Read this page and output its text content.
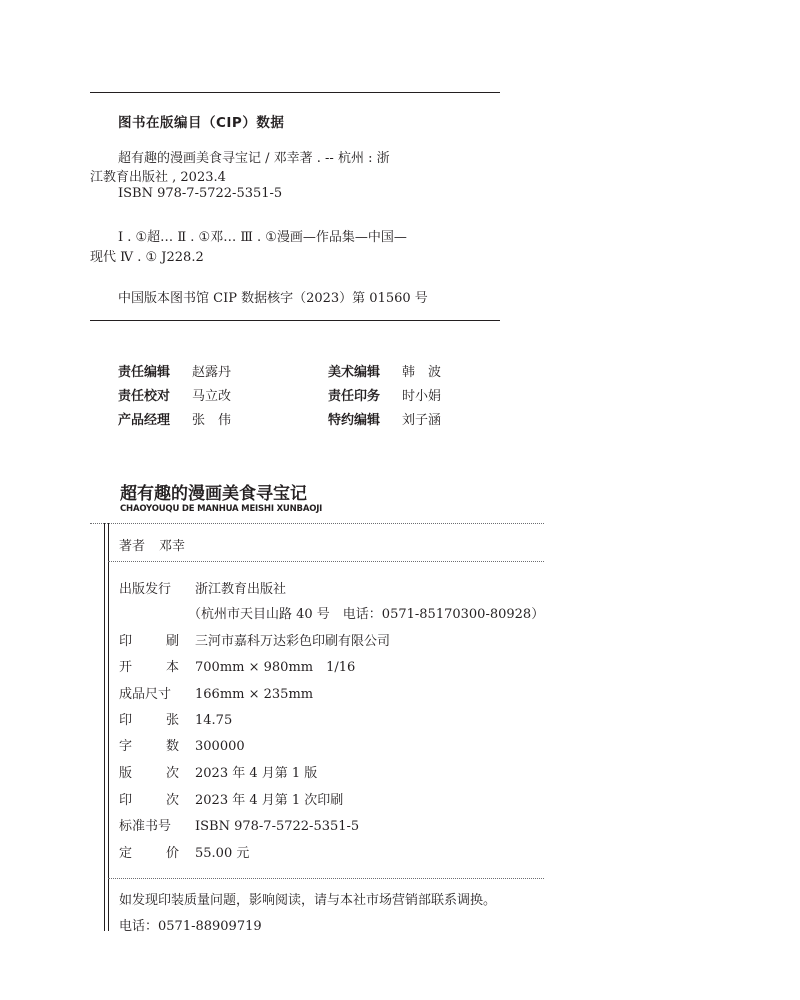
图书在版编目（CIP）数据
超有趣的漫画美食寻宝记 / 邓幸著 . -- 杭州 : 浙
江教育出版社 , 2023.4
ISBN 978-7-5722-5351-5
Ⅰ . ①超… Ⅱ . ①邓… Ⅲ . ①漫画—作品集—中国—
现代 Ⅳ . ① J228.2
中国版本图书馆 CIP 数据核字（2023）第 01560 号
责任编辑 赵露丹	美术编辑 韩　波
责任校对 马立改	责任印务 时小娟
产品经理 张　伟	特约编辑 刘子涵
超有趣的漫画美食寻宝记
CHAOYOUQU DE MANHUA MEISHI XUNBAOJI
著者 邓幸
出版发行 浙江教育出版社
（杭州市天目山路 40 号　电话：0571-85170300-80928）
印刷 三河市嘉科万达彩色印刷有限公司
开本 700mm × 980mm　1/16
成品尺寸 166mm × 235mm
印张 14.75
字数 300000
版次 2023 年 4 月第 1 版
印次 2023 年 4 月第 1 次印刷
标准书号 ISBN 978-7-5722-5351-5
定价 55.00 元
如发现印装质量问题，影响阅读，请与本社市场营销部联系调换。
电话：0571-88909719
